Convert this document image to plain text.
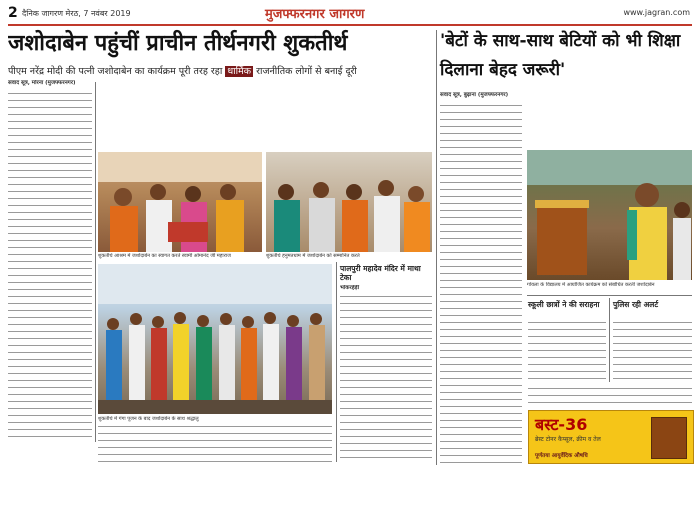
2 दैनिक जागरण मेरठ, 7 नवंबर 2019	मुजफ्फरनगर जागरण	www.jagran.com
जशोदाबेन पहुंचीं प्राचीन तीर्थनगरी शुकतीर्थ
पीएम नरेंद्र मोदी की पत्नी जशोदाबेन का कार्यक्रम पूरी तरह रहा धार्मिक राजनीतिक लोगों से बनाई दूरी
'बेटों के साथ-साथ बेटियों को भी शिक्षा दिलाना बेहद जरूरी'
संवाद सूत्र, मोरना (मुजफ्फरनगर)
शुकतीर्थ आश्रम में जशोदाबेन का स्वागत करते स्वामी ओमानंद जी महाराज	शुकतीर्थ हनुमतधाम में जशोदाबेन को सम्मानित करते
शुकतीर्थ में गंगा पूजन के बाद जशोदाबेन के साथ श्रद्धालु
पालपुरी महादेव मंदिर में माथा टेका
भोकरहेड़ी
संवाद सूत्र, बुढ़ाना (मुजफ्फरनगर)
गोयला के विद्यालय में आयोजित कार्यक्रम को संबोधित करती जशोदाबेन
स्कूली छात्रों ने की सराहना	पुलिस रही अलर्ट
बस्ट-36
ब्रेस्ट टोनर कैप्सूल, क्रीम व तेल
पूर्णतया आयुर्वेदिक औषधि
